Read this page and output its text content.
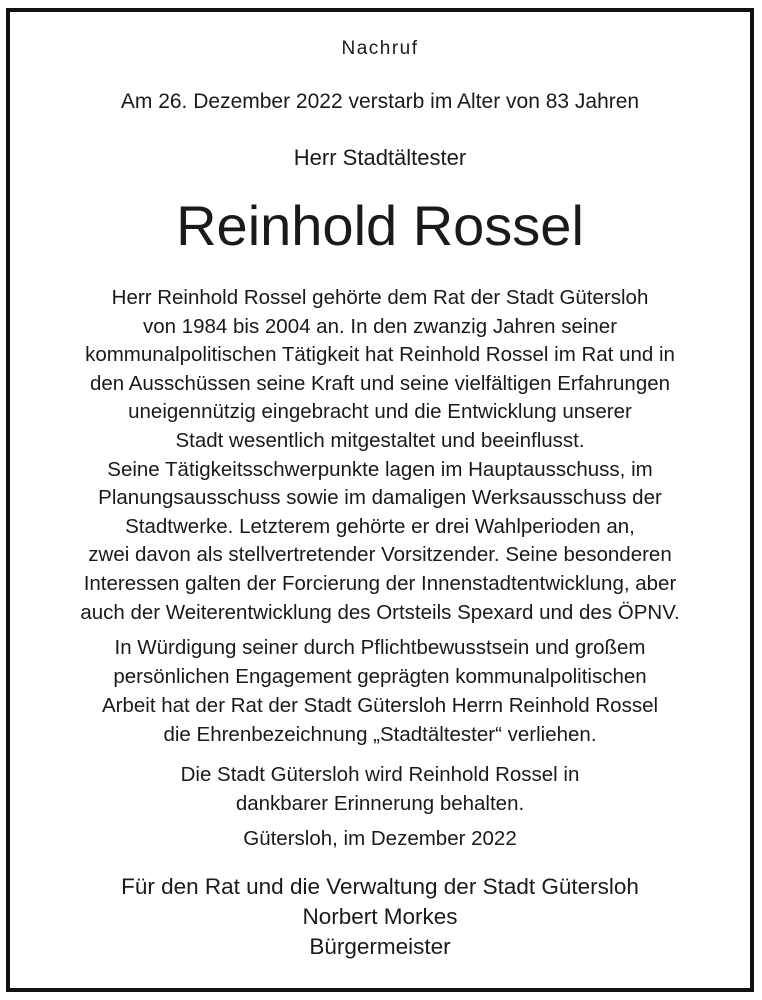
Nachruf
Am 26. Dezember 2022 verstarb im Alter von 83 Jahren
Herr Stadtältester
Reinhold Rossel
Herr Reinhold Rossel gehörte dem Rat der Stadt Gütersloh
von 1984 bis 2004 an. In den zwanzig Jahren seiner
kommunalpolitischen Tätigkeit hat Reinhold Rossel im Rat und in
den Ausschüssen seine Kraft und seine vielfältigen Erfahrungen
uneigennützig eingebracht und die Entwicklung unserer
Stadt wesentlich mitgestaltet und beeinflusst.
Seine Tätigkeitsschwerpunkte lagen im Hauptausschuss, im
Planungsausschuss sowie im damaligen Werksausschuss der
Stadtwerke. Letzterem gehörte er drei Wahlperioden an,
zwei davon als stellvertretender Vorsitzender. Seine besonderen
Interessen galten der Forcierung der Innenstadtentwicklung, aber
auch der Weiterentwicklung des Ortsteils Spexard und des ÖPNV.
In Würdigung seiner durch Pflichtbewusstsein und großem
persönlichen Engagement geprägten kommunalpolitischen
Arbeit hat der Rat der Stadt Gütersloh Herrn Reinhold Rossel
die Ehrenbezeichnung „Stadtältester“ verliehen.
Die Stadt Gütersloh wird Reinhold Rossel in
dankbarer Erinnerung behalten.
Gütersloh, im Dezember 2022
Für den Rat und die Verwaltung der Stadt Gütersloh
Norbert Morkes
Bürgermeister
